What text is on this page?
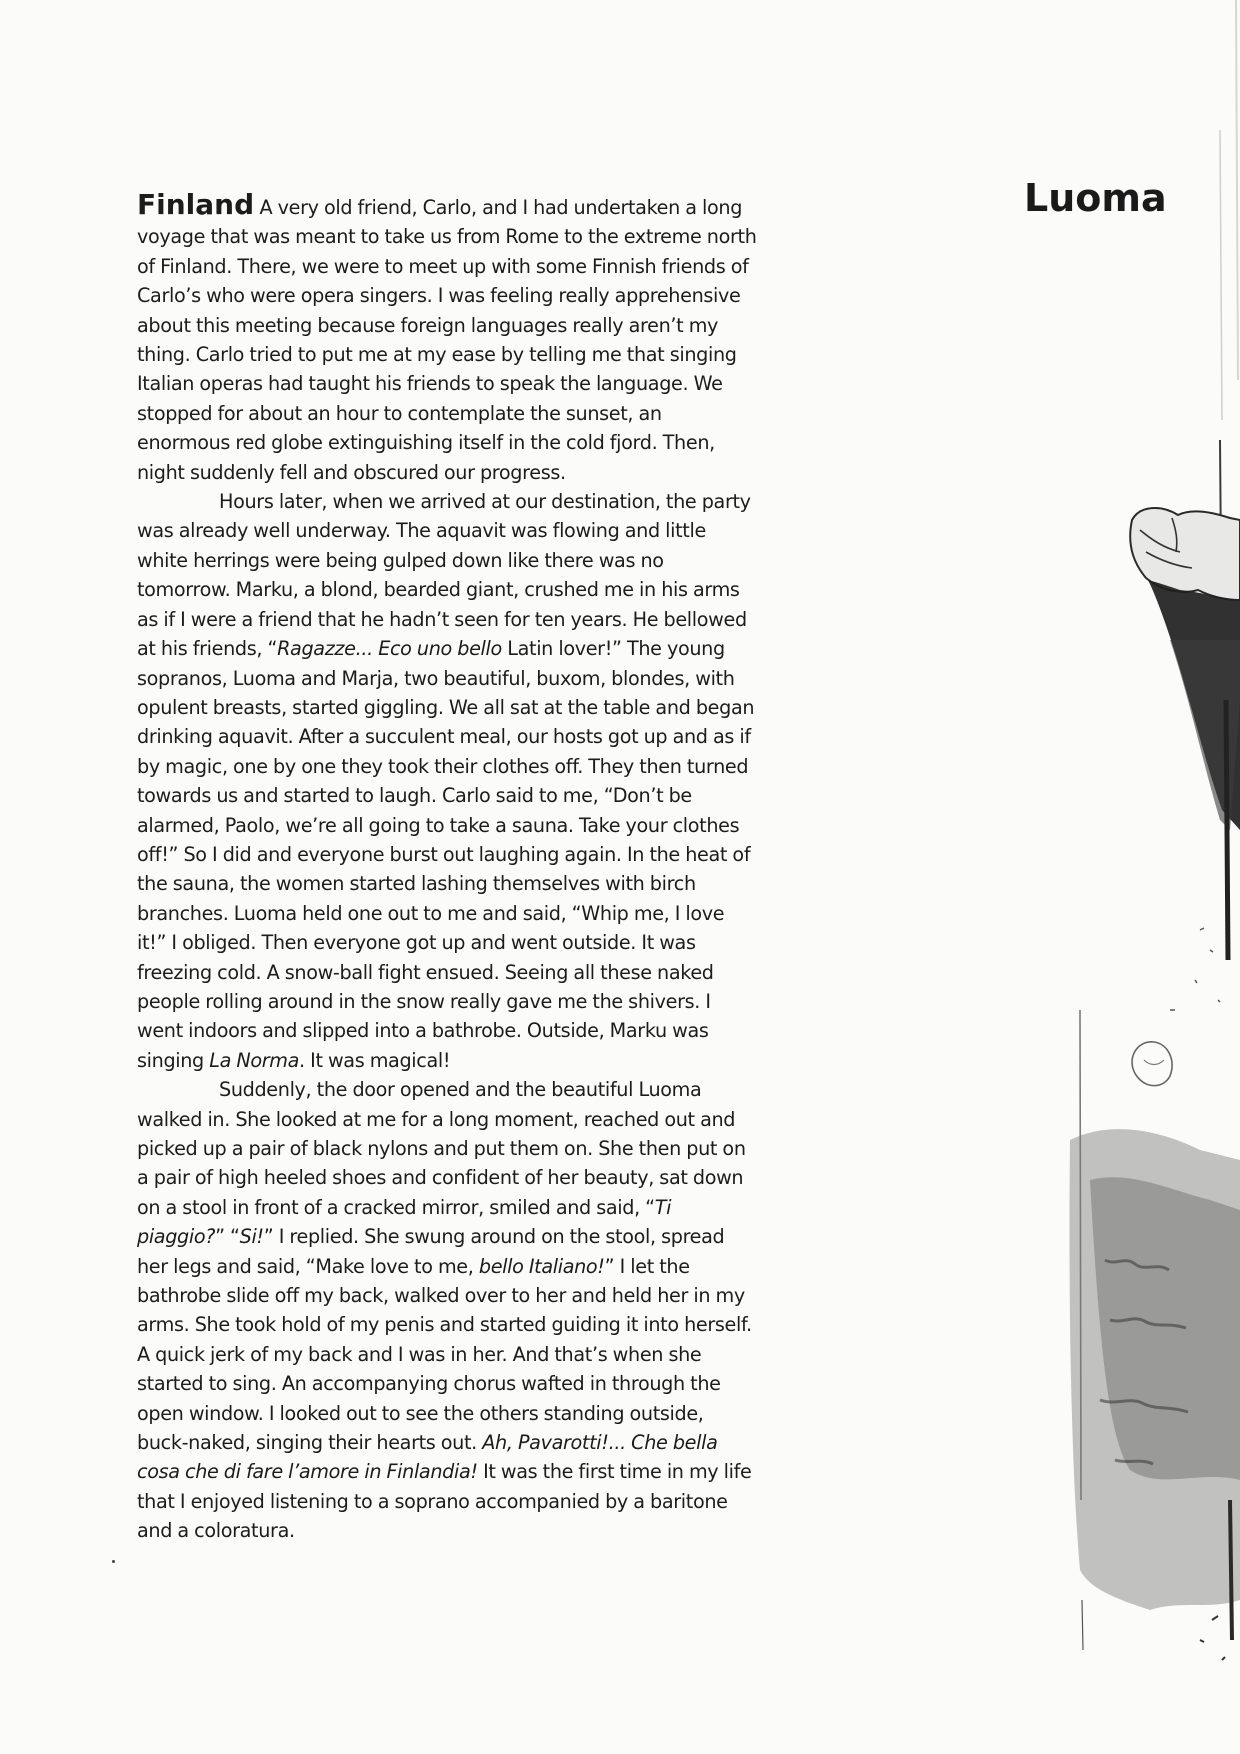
Luoma

Finland A very old friend, Carlo, and I had undertaken a long voyage that was meant to take us from Rome to the extreme north of Finland. There, we were to meet up with some Finnish friends of Carlo’s who were opera singers. I was feeling really apprehensive about this meeting because foreign languages really aren’t my thing. Carlo tried to put me at my ease by telling me that singing Italian operas had taught his friends to speak the language. We stopped for about an hour to contemplate the sunset, an enormous red globe extinguishing itself in the cold fjord. Then, night suddenly fell and obscured our progress.

Hours later, when we arrived at our destination, the party was already well underway. The aquavit was flowing and little white herrings were being gulped down like there was no tomorrow. Marku, a blond, bearded giant, crushed me in his arms as if I were a friend that he hadn’t seen for ten years. He bellowed at his friends, “Ragazze... Eco uno bello Latin lover!” The young sopranos, Luoma and Marja, two beautiful, buxom, blondes, with opulent breasts, started giggling. We all sat at the table and began drinking aquavit. After a succulent meal, our hosts got up and as if by magic, one by one they took their clothes off. They then turned towards us and started to laugh. Carlo said to me, “Don’t be alarmed, Paolo, we’re all going to take a sauna. Take your clothes off!” So I did and everyone burst out laughing again. In the heat of the sauna, the women started lashing themselves with birch branches. Luoma held one out to me and said, “Whip me, I love it!” I obliged. Then everyone got up and went outside. It was freezing cold. A snow-ball fight ensued. Seeing all these naked people rolling around in the snow really gave me the shivers. I went indoors and slipped into a bathrobe. Outside, Marku was singing La Norma. It was magical!

Suddenly, the door opened and the beautiful Luoma walked in. She looked at me for a long moment, reached out and picked up a pair of black nylons and put them on. She then put on a pair of high heeled shoes and confident of her beauty, sat down on a stool in front of a cracked mirror, smiled and said, “Ti piaggio?” “Si!” I replied. She swung around on the stool, spread her legs and said, “Make love to me, bello Italiano!” I let the bathrobe slide off my back, walked over to her and held her in my arms. She took hold of my penis and started guiding it into herself. A quick jerk of my back and I was in her. And that’s when she started to sing. An accompanying chorus wafted in through the open window. I looked out to see the others standing outside, buck-naked, singing their hearts out. Ah, Pavarotti!... Che bella cosa che di fare l’amore in Finlandia! It was the first time in my life that I enjoyed listening to a soprano accompanied by a baritone and a coloratura.
